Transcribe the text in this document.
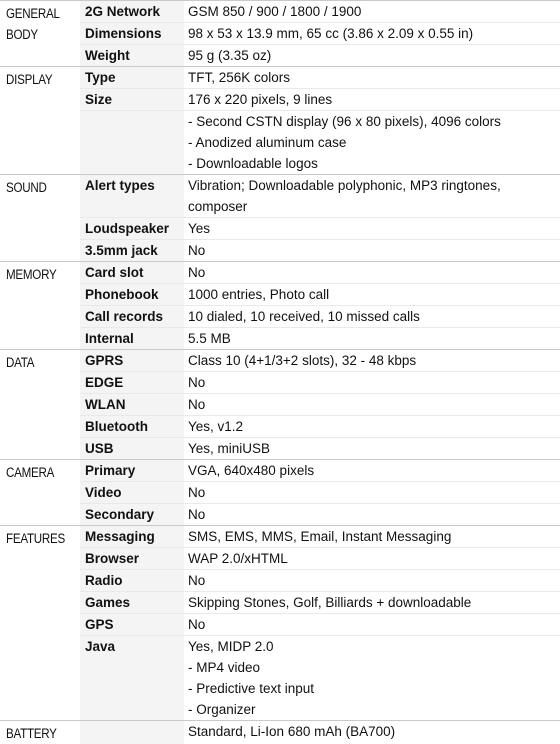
GENERAL BODY	2G Network	GSM 850 / 900 / 1800 / 1900

	Dimensions	98 x 53 x 13.9 mm, 65 cc (3.86 x 2.09 x 0.55 in)

	Weight	95 g (3.35 oz)

DISPLAY	Type	TFT, 256K colors

	Size	176 x 220 pixels, 9 lines

		- Second CSTN display (96 x 80 pixels), 4096 colors
- Anodized aluminum case
- Downloadable logos

SOUND	Alert types	Vibration; Downloadable polyphonic, MP3 ringtones, composer

	Loudspeaker	Yes

	3.5mm jack	No

MEMORY	Card slot	No

	Phonebook	1000 entries, Photo call

	Call records	10 dialed, 10 received, 10 missed calls

	Internal	5.5 MB

DATA	GPRS	Class 10 (4+1/3+2 slots), 32 - 48 kbps

	EDGE	No

	WLAN	No

	Bluetooth	Yes, v1.2

	USB	Yes, miniUSB

CAMERA	Primary	VGA, 640x480 pixels

	Video	No

	Secondary	No

FEATURES	Messaging	SMS, EMS, MMS, Email, Instant Messaging

	Browser	WAP 2.0/xHTML

	Radio	No

	Games	Skipping Stones, Golf, Billiards + downloadable

	GPS	No

	Java	Yes, MIDP 2.0
- MP4 video
- Predictive text input
- Organizer

BATTERY		Standard, Li-Ion 680 mAh (BA700)
